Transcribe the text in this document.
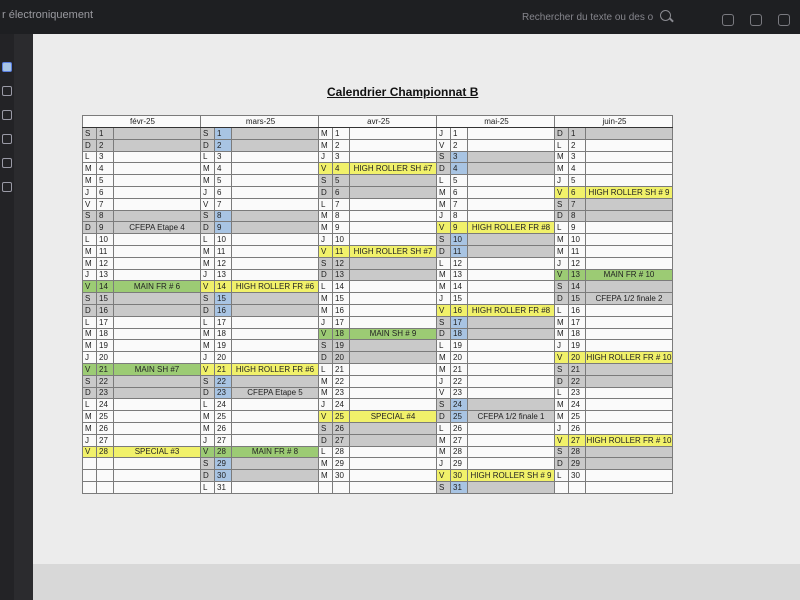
r électroniquement	Rechercher du texte ou des o
Calendrier Championnat B
févr-25			mars-25			avr-25			mai-25			juin-25		
S	1		S	1		M	1		J	1		D	1	
D	2		D	2		M	2		V	2		L	2	
L	3		L	3		J	3		S	3		M	3	
M	4		M	4		V	4	HIGH ROLLER SH #7	D	4		M	4	
M	5		M	5		S	5		L	5		J	5	
J	6		J	6		D	6		M	6		V	6	HIGH ROLLER SH # 9
V	7		V	7		L	7		M	7		S	7	
S	8		S	8		M	8		J	8		D	8	
D	9	CFEPA Etape 4	D	9		M	9		V	9	HIGH ROLLER FR #8	L	9	
L	10		L	10		J	10		S	10		M	10	
M	11		M	11		V	11	HIGH ROLLER SH #7	D	11		M	11	
M	12		M	12		S	12		L	12		J	12	
J	13		J	13		D	13		M	13		V	13	MAIN FR # 10
V	14	MAIN FR # 6	V	14	HIGH ROLLER FR #6	L	14		M	14		S	14	
S	15		S	15		M	15		J	15		D	15	CFEPA 1/2 finale 2
D	16		D	16		M	16		V	16	HIGH ROLLER FR #8	L	16	
L	17		L	17		J	17		S	17		M	17	
M	18		M	18		V	18	MAIN SH # 9	D	18		M	18	
M	19		M	19		S	19		L	19		J	19	
J	20		J	20		D	20		M	20		V	20	HIGH ROLLER FR # 10
V	21	MAIN SH #7	V	21	HIGH ROLLER FR #6	L	21		M	21		S	21	
S	22		S	22		M	22		J	22		D	22	
D	23		D	23	CFEPA Etape 5	M	23		V	23		L	23	
L	24		L	24		J	24		S	24		M	24	
M	25		M	25		V	25	SPECIAL #4	D	25	CFEPA 1/2 finale 1	M	25	
M	26		M	26		S	26		L	26		J	26	
J	27		J	27		D	27		M	27		V	27	HIGH ROLLER FR # 10
V	28	SPECIAL #3	V	28	MAIN FR # 8	L	28		M	28		S	28	
			S	29		M	29		J	29		D	29	
			D	30		M	30		V	30	HIGH ROLLER SH # 9	L	30	
			L	31					S	31				
